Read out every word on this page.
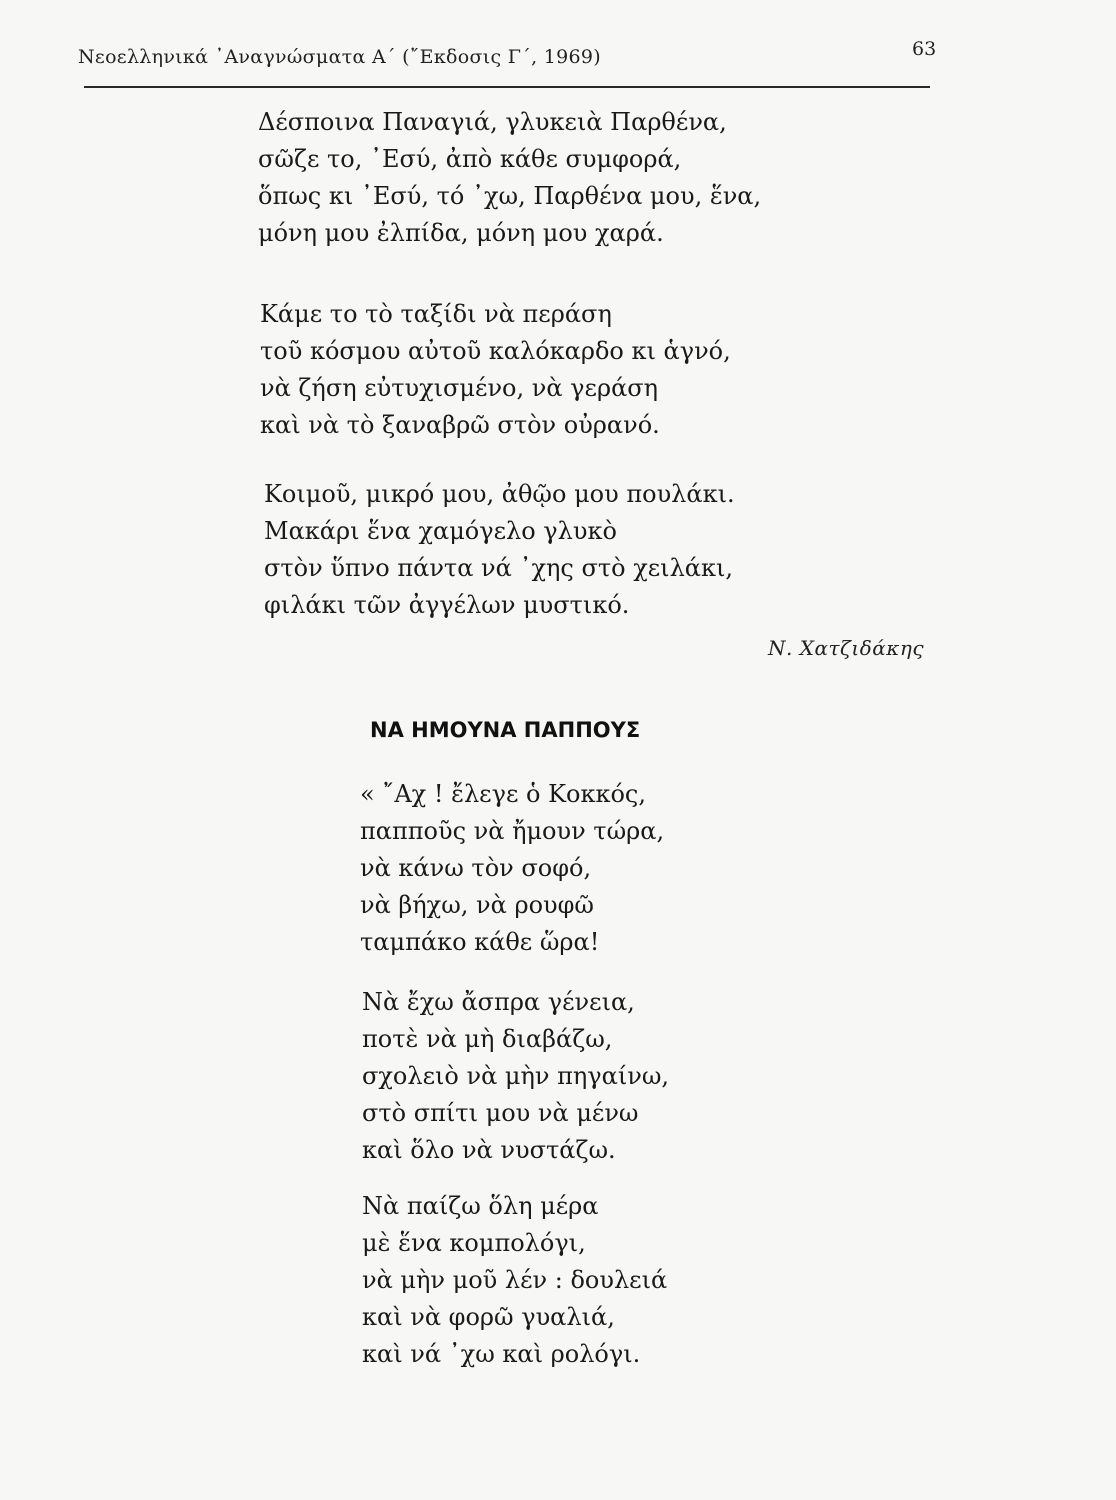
Νεοελληνικά ᾿Αναγνώσματα Α΄ (῎Εκδοσις Γ΄, 1969)	63
Δέσποινα Παναγιά, γλυκειὰ Παρθένα,
σῶζε το, ᾿Εσύ, ἀπὸ κάθε συμφορά,
ὅπως κι ᾿Εσύ, τό ᾿χω, Παρθένα μου, ἕνα,
μόνη μου ἐλπίδα, μόνη μου χαρά.
Κάμε το τὸ ταξίδι νὰ περάση
τοῦ κόσμου αὐτοῦ καλόκαρδο κι ἁγνό,
νὰ ζήση εὐτυχισμένο, νὰ γεράση
καὶ νὰ τὸ ξαναβρῶ στὸν οὐρανό.
Κοιμοῦ, μικρό μου, ἀθῷο μου πουλάκι.
Μακάρι ἕνα χαμόγελο γλυκὸ
στὸν ὕπνο πάντα νά ᾿χης στὸ χειλάκι,
φιλάκι τῶν ἀγγέλων μυστικό.
Ν. Χατζιδάκης
ΝΑ ΗΜΟΥΝΑ ΠΑΠΠΟΥΣ
« ῎Αχ ! ἔλεγε ὁ Κοκκός,
παπποῦς νὰ ἤμουν τώρα,
νὰ κάνω τὸν σοφό,
νὰ βήχω, νὰ ρουφῶ
ταμπάκο κάθε ὥρα!
Νὰ ἔχω ἄσπρα γένεια,
ποτὲ νὰ μὴ διαβάζω,
σχολειὸ νὰ μὴν πηγαίνω,
στὸ σπίτι μου νὰ μένω
καὶ ὅλο νὰ νυστάζω.
Νὰ παίζω ὅλη μέρα
μὲ ἕνα κομπολόγι,
νὰ μὴν μοῦ λέν : δουλειά
καὶ νὰ φορῶ γυαλιά,
καὶ νά ᾿χω καὶ ρολόγι.
